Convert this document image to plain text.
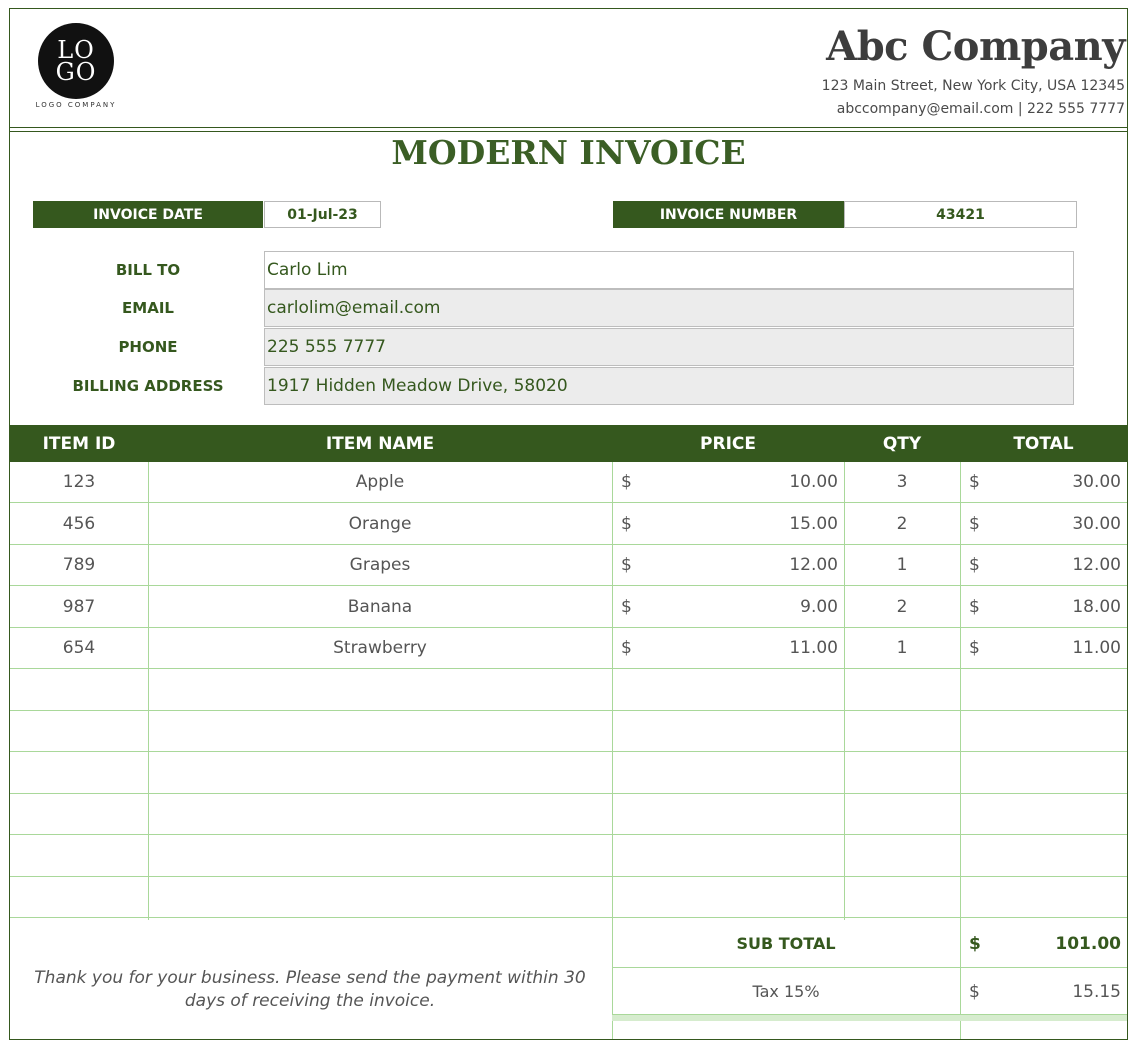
LO
GO
LOGO COMPANY
Abc Company
123 Main Street, New York City, USA 12345
abccompany@email.com | 222 555 7777
MODERN INVOICE
INVOICE DATE	01-Jul-23	INVOICE NUMBER	43421
BILL TO	Carlo Lim
EMAIL	carlolim@email.com
PHONE	225 555 7777
BILLING ADDRESS	1917 Hidden Meadow Drive, 58020
ITEM ID	ITEM NAME	PRICE	QTY	TOTAL
123	Apple	$	10.00	3	$	30.00
456	Orange	$	15.00	2	$	30.00
789	Grapes	$	12.00	1	$	12.00
987	Banana	$	9.00	2	$	18.00
654	Strawberry	$	11.00	1	$	11.00
Thank you for your business. Please send the payment within 30
days of receiving the invoice.
SUB TOTAL	$	101.00
Tax 15%	$	15.15
